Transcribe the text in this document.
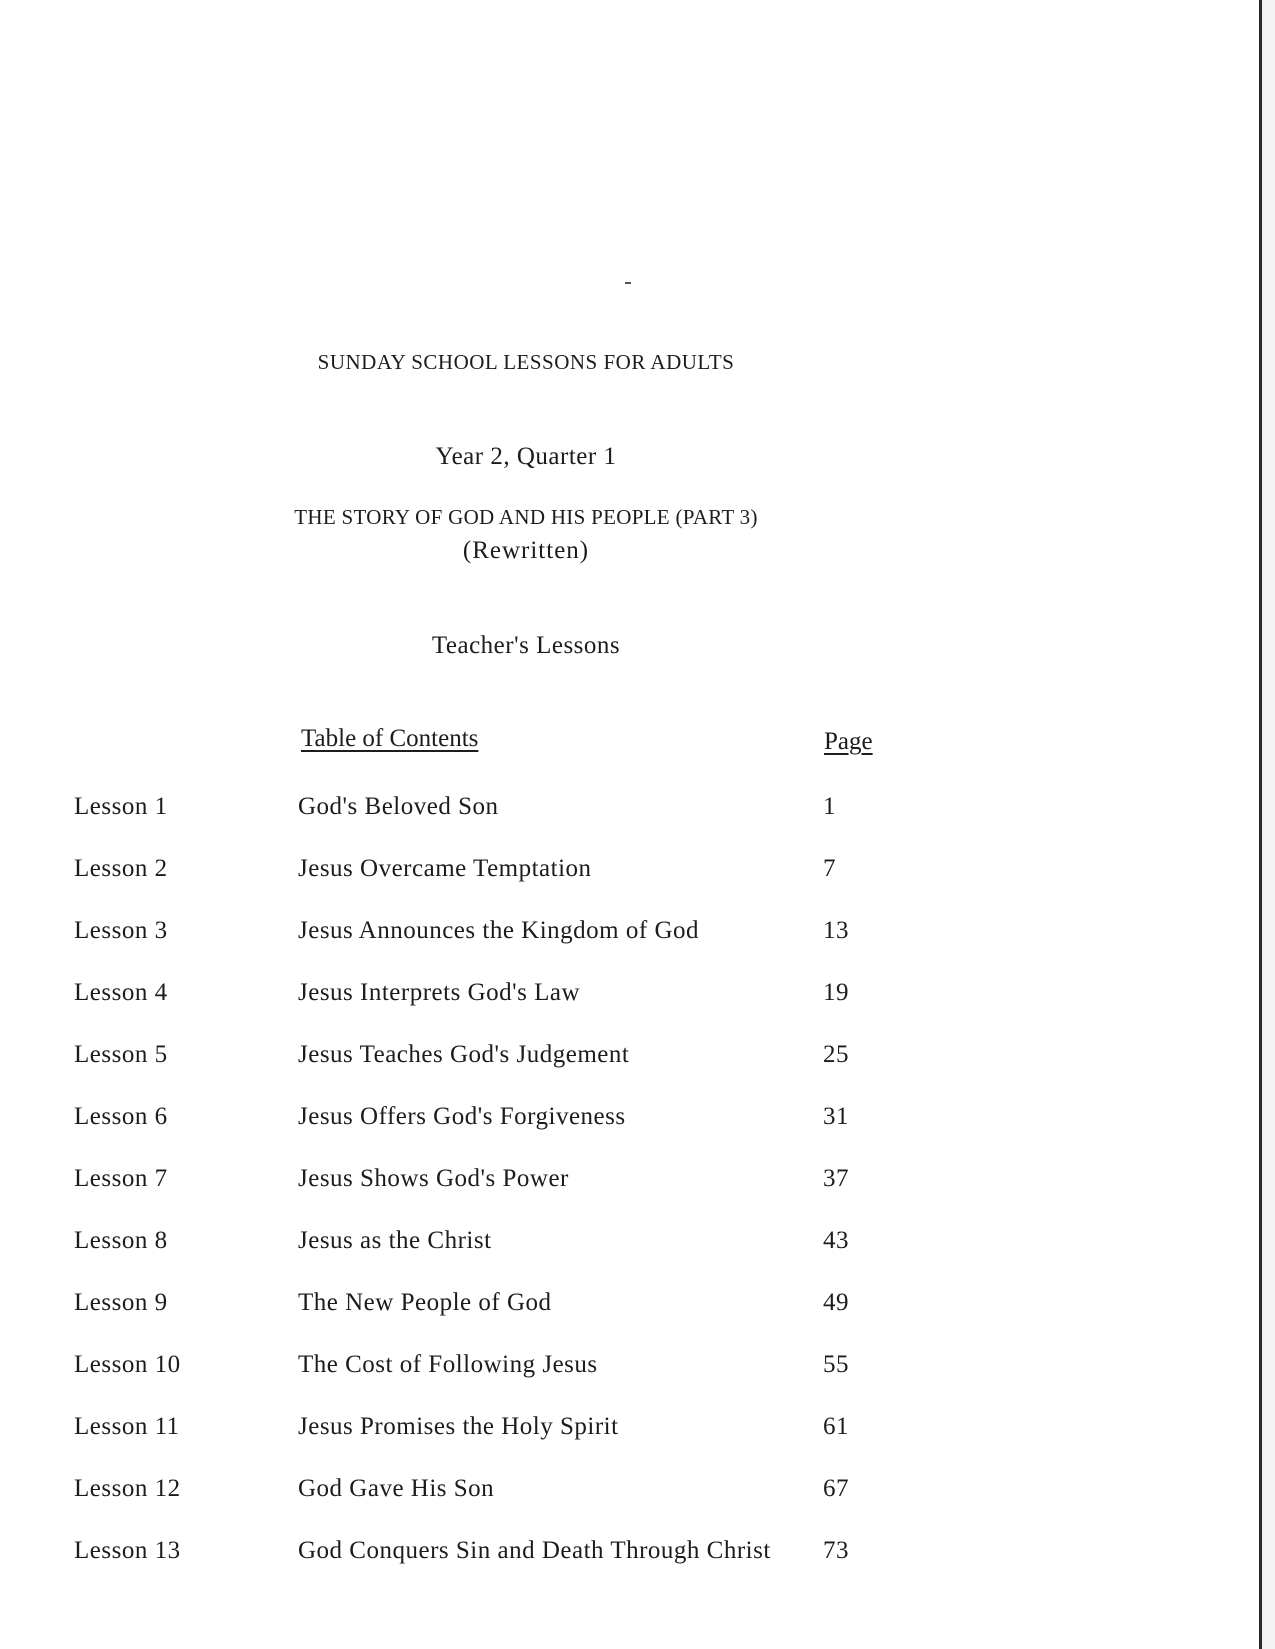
SUNDAY SCHOOL LESSONS FOR ADULTS
Year 2, Quarter 1
THE STORY OF GOD AND HIS PEOPLE (PART 3)
(Rewritten)
Teacher's Lessons
Table of Contents	Page
Lesson 1	God's Beloved Son	1
Lesson 2	Jesus Overcame Temptation	7
Lesson 3	Jesus Announces the Kingdom of God	13
Lesson 4	Jesus Interprets God's Law	19
Lesson 5	Jesus Teaches God's Judgement	25
Lesson 6	Jesus Offers God's Forgiveness	31
Lesson 7	Jesus Shows God's Power	37
Lesson 8	Jesus as the Christ	43
Lesson 9	The New People of God	49
Lesson 10	The Cost of Following Jesus	55
Lesson 11	Jesus Promises the Holy Spirit	61
Lesson 12	God Gave His Son	67
Lesson 13	God Conquers Sin and Death Through Christ 73
